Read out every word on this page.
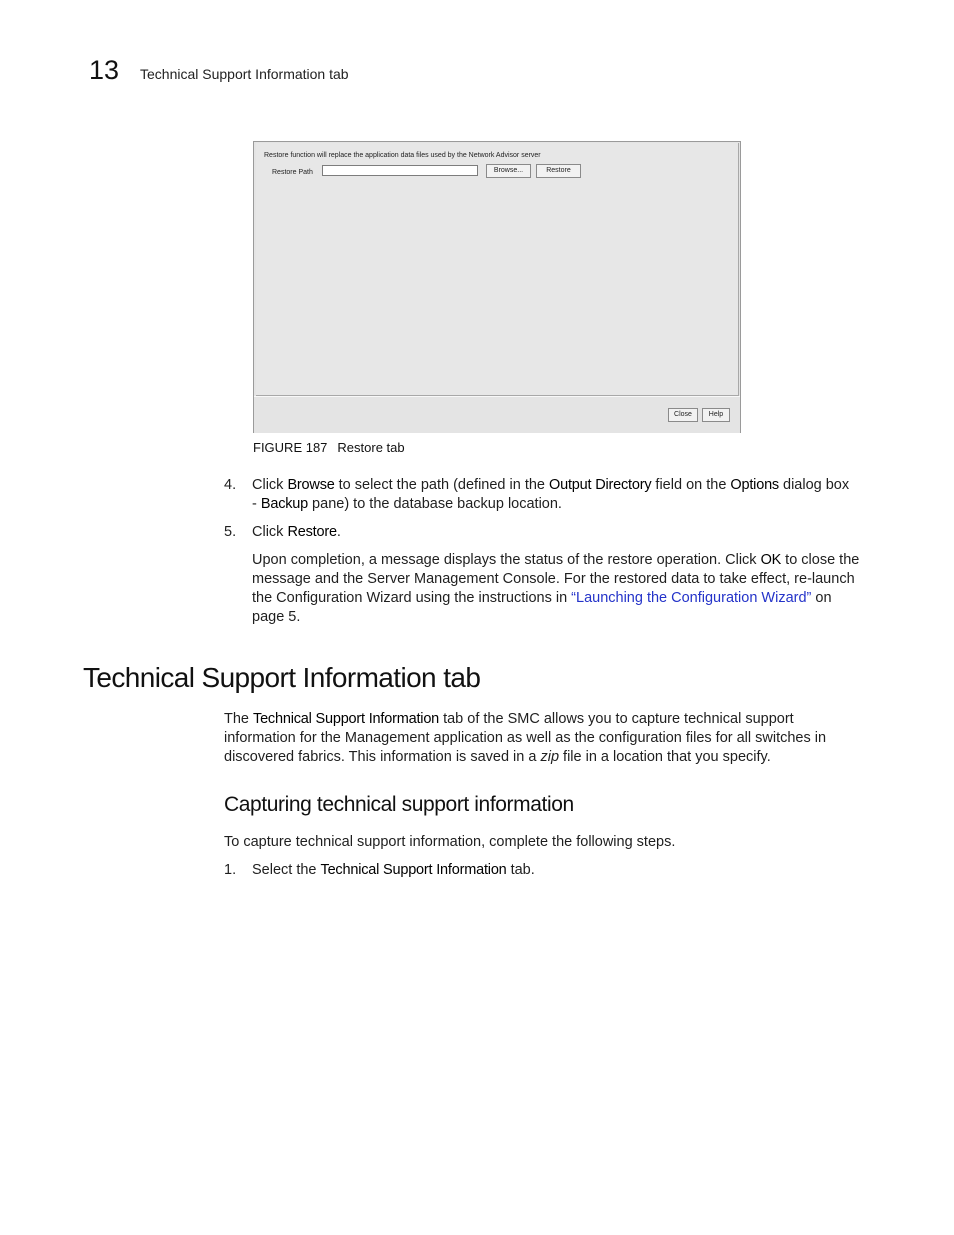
13 Technical Support Information tab
Restore function will replace the application data files used by the Network Advisor server
Restore Path	Browse...	Restore
Close	Help
FIGURE 187 Restore tab
4. Click Browse to select the path (defined in the Output Directory field on the Options dialog box
- Backup pane) to the database backup location.
5. Click Restore.
Upon completion, a message displays the status of the restore operation. Click OK to close the
message and the Server Management Console. For the restored data to take effect, re-launch
the Configuration Wizard using the instructions in “Launching the Configuration Wizard” on
page 5.
Technical Support Information tab
The Technical Support Information tab of the SMC allows you to capture technical support
information for the Management application as well as the configuration files for all switches in
discovered fabrics. This information is saved in a zip file in a location that you specify.
Capturing technical support information
To capture technical support information, complete the following steps.
1. Select the Technical Support Information tab.
